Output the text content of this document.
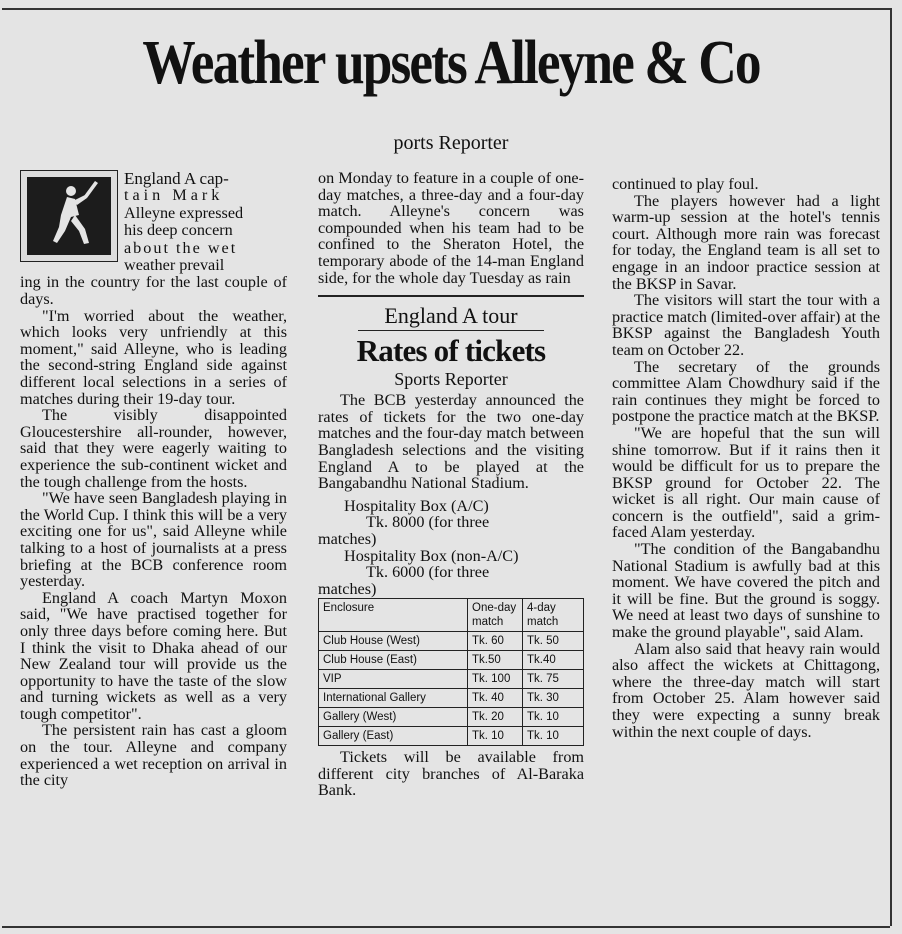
Weather upsets Alleyne & Co
ports Reporter

England A cap-

tain Mark

Alleyne expressed

his deep concern

about the wet

weather prevail

ing in the country for the last couple of days.

"I'm worried about the weather, which looks very unfriendly at this moment," said Alleyne, who is leading the second-string England side against different local selections in a series of matches during their 19-day tour.

The visibly disappointed Gloucestershire all-rounder, however, said that they were eagerly waiting to experience the sub-continent wicket and the tough challenge from the hosts.

"We have seen Bangladesh playing in the World Cup. I think this will be a very exciting one for us", said Alleyne while talking to a host of journalists at a press briefing at the BCB conference room yesterday.

England A coach Martyn Moxon said, "We have practised together for only three days before coming here. But I think the visit to Dhaka ahead of our New Zealand tour will provide us the opportunity to have the taste of the slow and turning wickets as well as a very tough competitor".

The persistent rain has cast a gloom on the tour. Alleyne and company experienced a wet reception on arrival in the city

on Monday to feature in a couple of one-day matches, a three-day and a four-day match. Alleyne's concern was compounded when his team had to be confined to the Sheraton Hotel, the temporary abode of the 14-man England side, for the whole day Tuesday as rain

England A tour
Rates of tickets
Sports Reporter

The BCB yesterday announced the rates of tickets for the two one-day matches and the four-day match between Bangladesh selections and the visiting England A to be played at the Bangabandhu National Stadium.

Hospitality Box (A/C)

Tk. 8000 (for three

matches)

Hospitality Box (non-A/C)

Tk. 6000 (for three

matches)

Enclosure	One-day match	4-day match
Club House (West)	Tk. 60	Tk. 50
Club House (East)	Tk.50	Tk.40
VIP	Tk. 100	Tk. 75
International Gallery	Tk. 40	Tk. 30
Gallery (West)	Tk. 20	Tk. 10
Gallery (East)	Tk. 10	Tk. 10

Tickets will be available from different city branches of Al-Baraka Bank.

continued to play foul.

The players however had a light warm-up session at the hotel's tennis court. Although more rain was forecast for today, the England team is all set to engage in an indoor practice session at the BKSP in Savar.

The visitors will start the tour with a practice match (limited-over affair) at the BKSP against the Bangladesh Youth team on October 22.

The secretary of the grounds committee Alam Chowdhury said if the rain continues they might be forced to postpone the practice match at the BKSP.

"We are hopeful that the sun will shine tomorrow. But if it rains then it would be difficult for us to prepare the BKSP ground for October 22. The wicket is all right. Our main cause of concern is the outfield", said a grim-faced Alam yesterday.

"The condition of the Bangabandhu National Stadium is awfully bad at this moment. We have covered the pitch and it will be fine. But the ground is soggy. We need at least two days of sunshine to make the ground playable", said Alam.

Alam also said that heavy rain would also affect the wickets at Chittagong, where the three-day match will start from October 25. Alam however said they were expecting a sunny break within the next couple of days.
